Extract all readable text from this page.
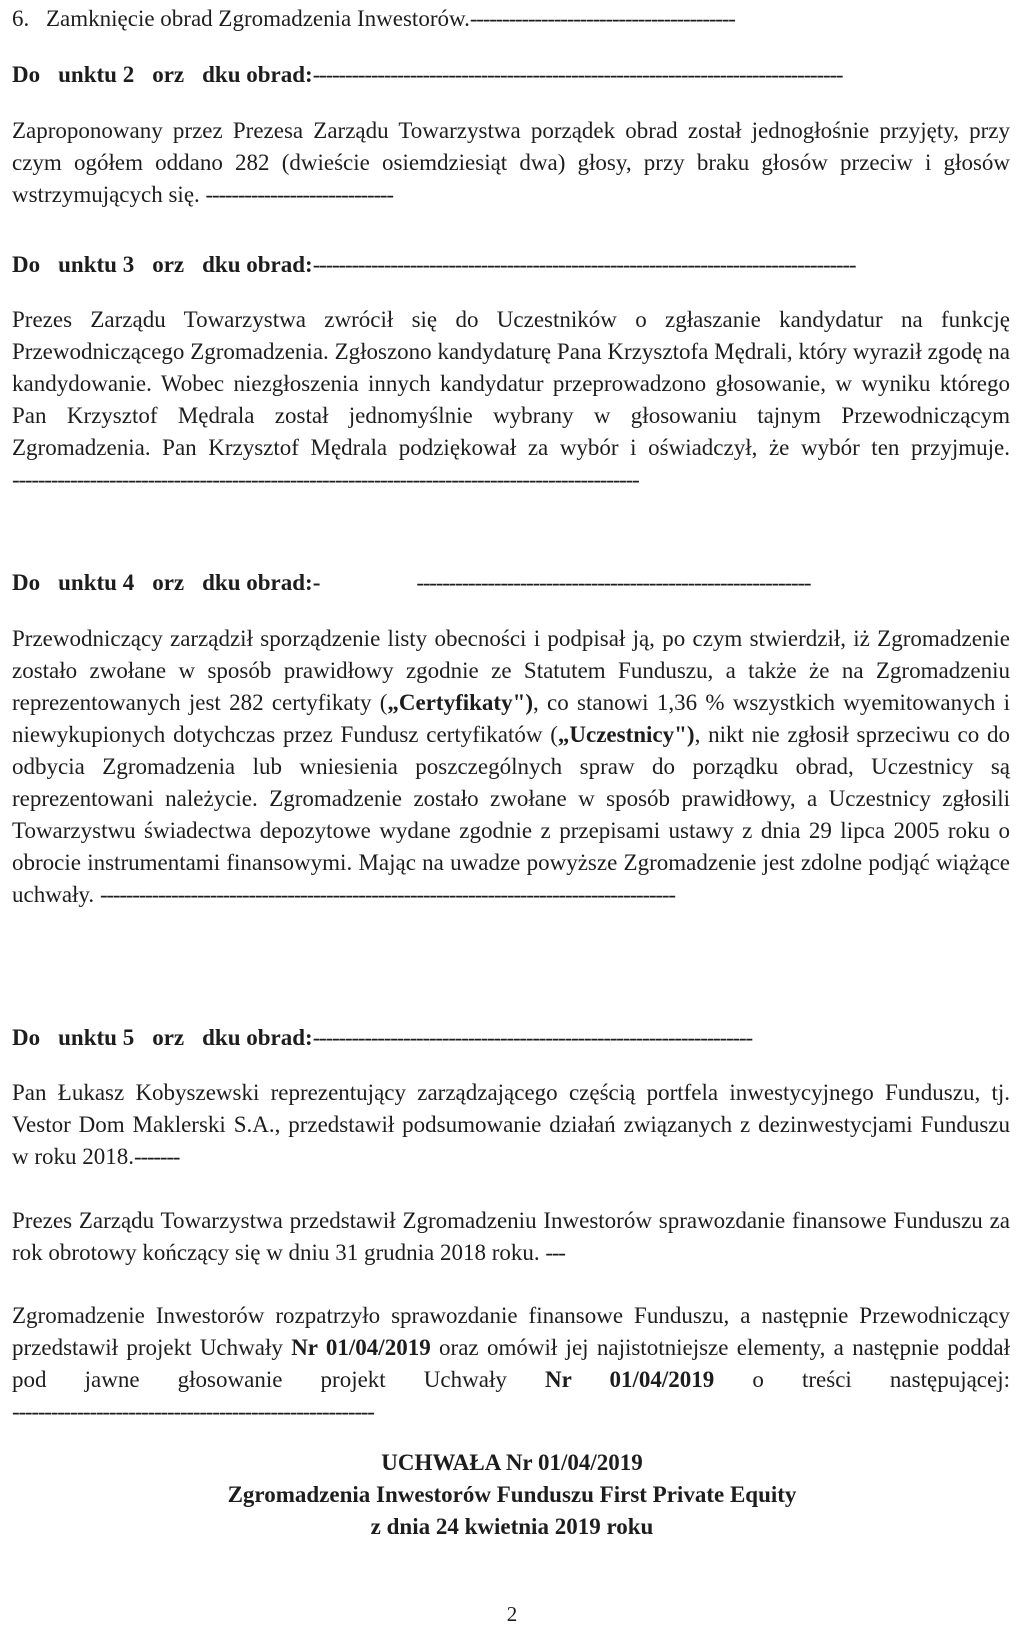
6. Zamknięcie obrad Zgromadzenia Inwestorów.-----------------------------------------
Do unktu 2 orz dku obrad:----------------------------------------------------------------------------------

Zaproponowany przez Prezesa Zarządu Towarzystwa porządek obrad został jednogłośnie przyjęty, przy czym ogółem oddano 282 (dwieście osiemdziesiąt dwa) głosy, przy braku głosów przeciw i głosów wstrzymujących się. -----------------------------

Do unktu 3 orz dku obrad:------------------------------------------------------------------------------------

Prezes Zarządu Towarzystwa zwrócił się do Uczestników o zgłaszanie kandydatur na funkcję Przewodniczącego Zgromadzenia. Zgłoszono kandydaturę Pana Krzysztofa Mędrali, który wyraził zgodę na kandydowanie. Wobec niezgłoszenia innych kandydatur przeprowadzono głosowanie, w wyniku którego Pan Krzysztof Mędrala został jednomyślnie wybrany w głosowaniu tajnym Przewodniczącym Zgromadzenia. Pan Krzysztof Mędrala podziękował za wybór i oświadczył, że wybór ten przyjmuje. -------------------------------------------------------------------------------------------------

Do unktu 4 orz dku obrad:-	-------------------------------------------------------------

Przewodniczący zarządził sporządzenie listy obecności i podpisał ją, po czym stwierdził, iż Zgromadzenie zostało zwołane w sposób prawidłowy zgodnie ze Statutem Funduszu, a także że na Zgromadzeniu reprezentowanych jest 282 certyfikaty („Certyfikaty"), co stanowi 1,36 % wszystkich wyemitowanych i niewykupionych dotychczas przez Fundusz certyfikatów („Uczestnicy"), nikt nie zgłosił sprzeciwu co do odbycia Zgromadzenia lub wniesienia poszczególnych spraw do porządku obrad, Uczestnicy są reprezentowani należycie. Zgromadzenie zostało zwołane w sposób prawidłowy, a Uczestnicy zgłosili Towarzystwu świadectwa depozytowe wydane zgodnie z przepisami ustawy z dnia 29 lipca 2005 roku o obrocie instrumentami finansowymi. Mając na uwadze powyższe Zgromadzenie jest zdolne podjąć wiążące uchwały. -----------------------------------------------------------------------------------------

Do unktu 5 orz dku obrad:--------------------------------------------------------------------

Pan Łukasz Kobyszewski reprezentujący zarządzającego częścią portfela inwestycyjnego Funduszu, tj. Vestor Dom Maklerski S.A., przedstawił podsumowanie działań związanych z dezinwestycjami Funduszu w roku 2018.-------

Prezes Zarządu Towarzystwa przedstawił Zgromadzeniu Inwestorów sprawozdanie finansowe Funduszu za rok obrotowy kończący się w dniu 31 grudnia 2018 roku. ---

Zgromadzenie Inwestorów rozpatrzyło sprawozdanie finansowe Funduszu, a następnie Przewodniczący przedstawił projekt Uchwały Nr 01/04/2019 oraz omówił jej najistotniejsze elementy, a następnie poddał pod jawne głosowanie projekt Uchwały Nr 01/04/2019 o treści następującej: --------------------------------------------------------

UCHWAŁA Nr 01/04/2019
Zgromadzenia Inwestorów Funduszu First Private Equity
z dnia 24 kwietnia 2019 roku
2
